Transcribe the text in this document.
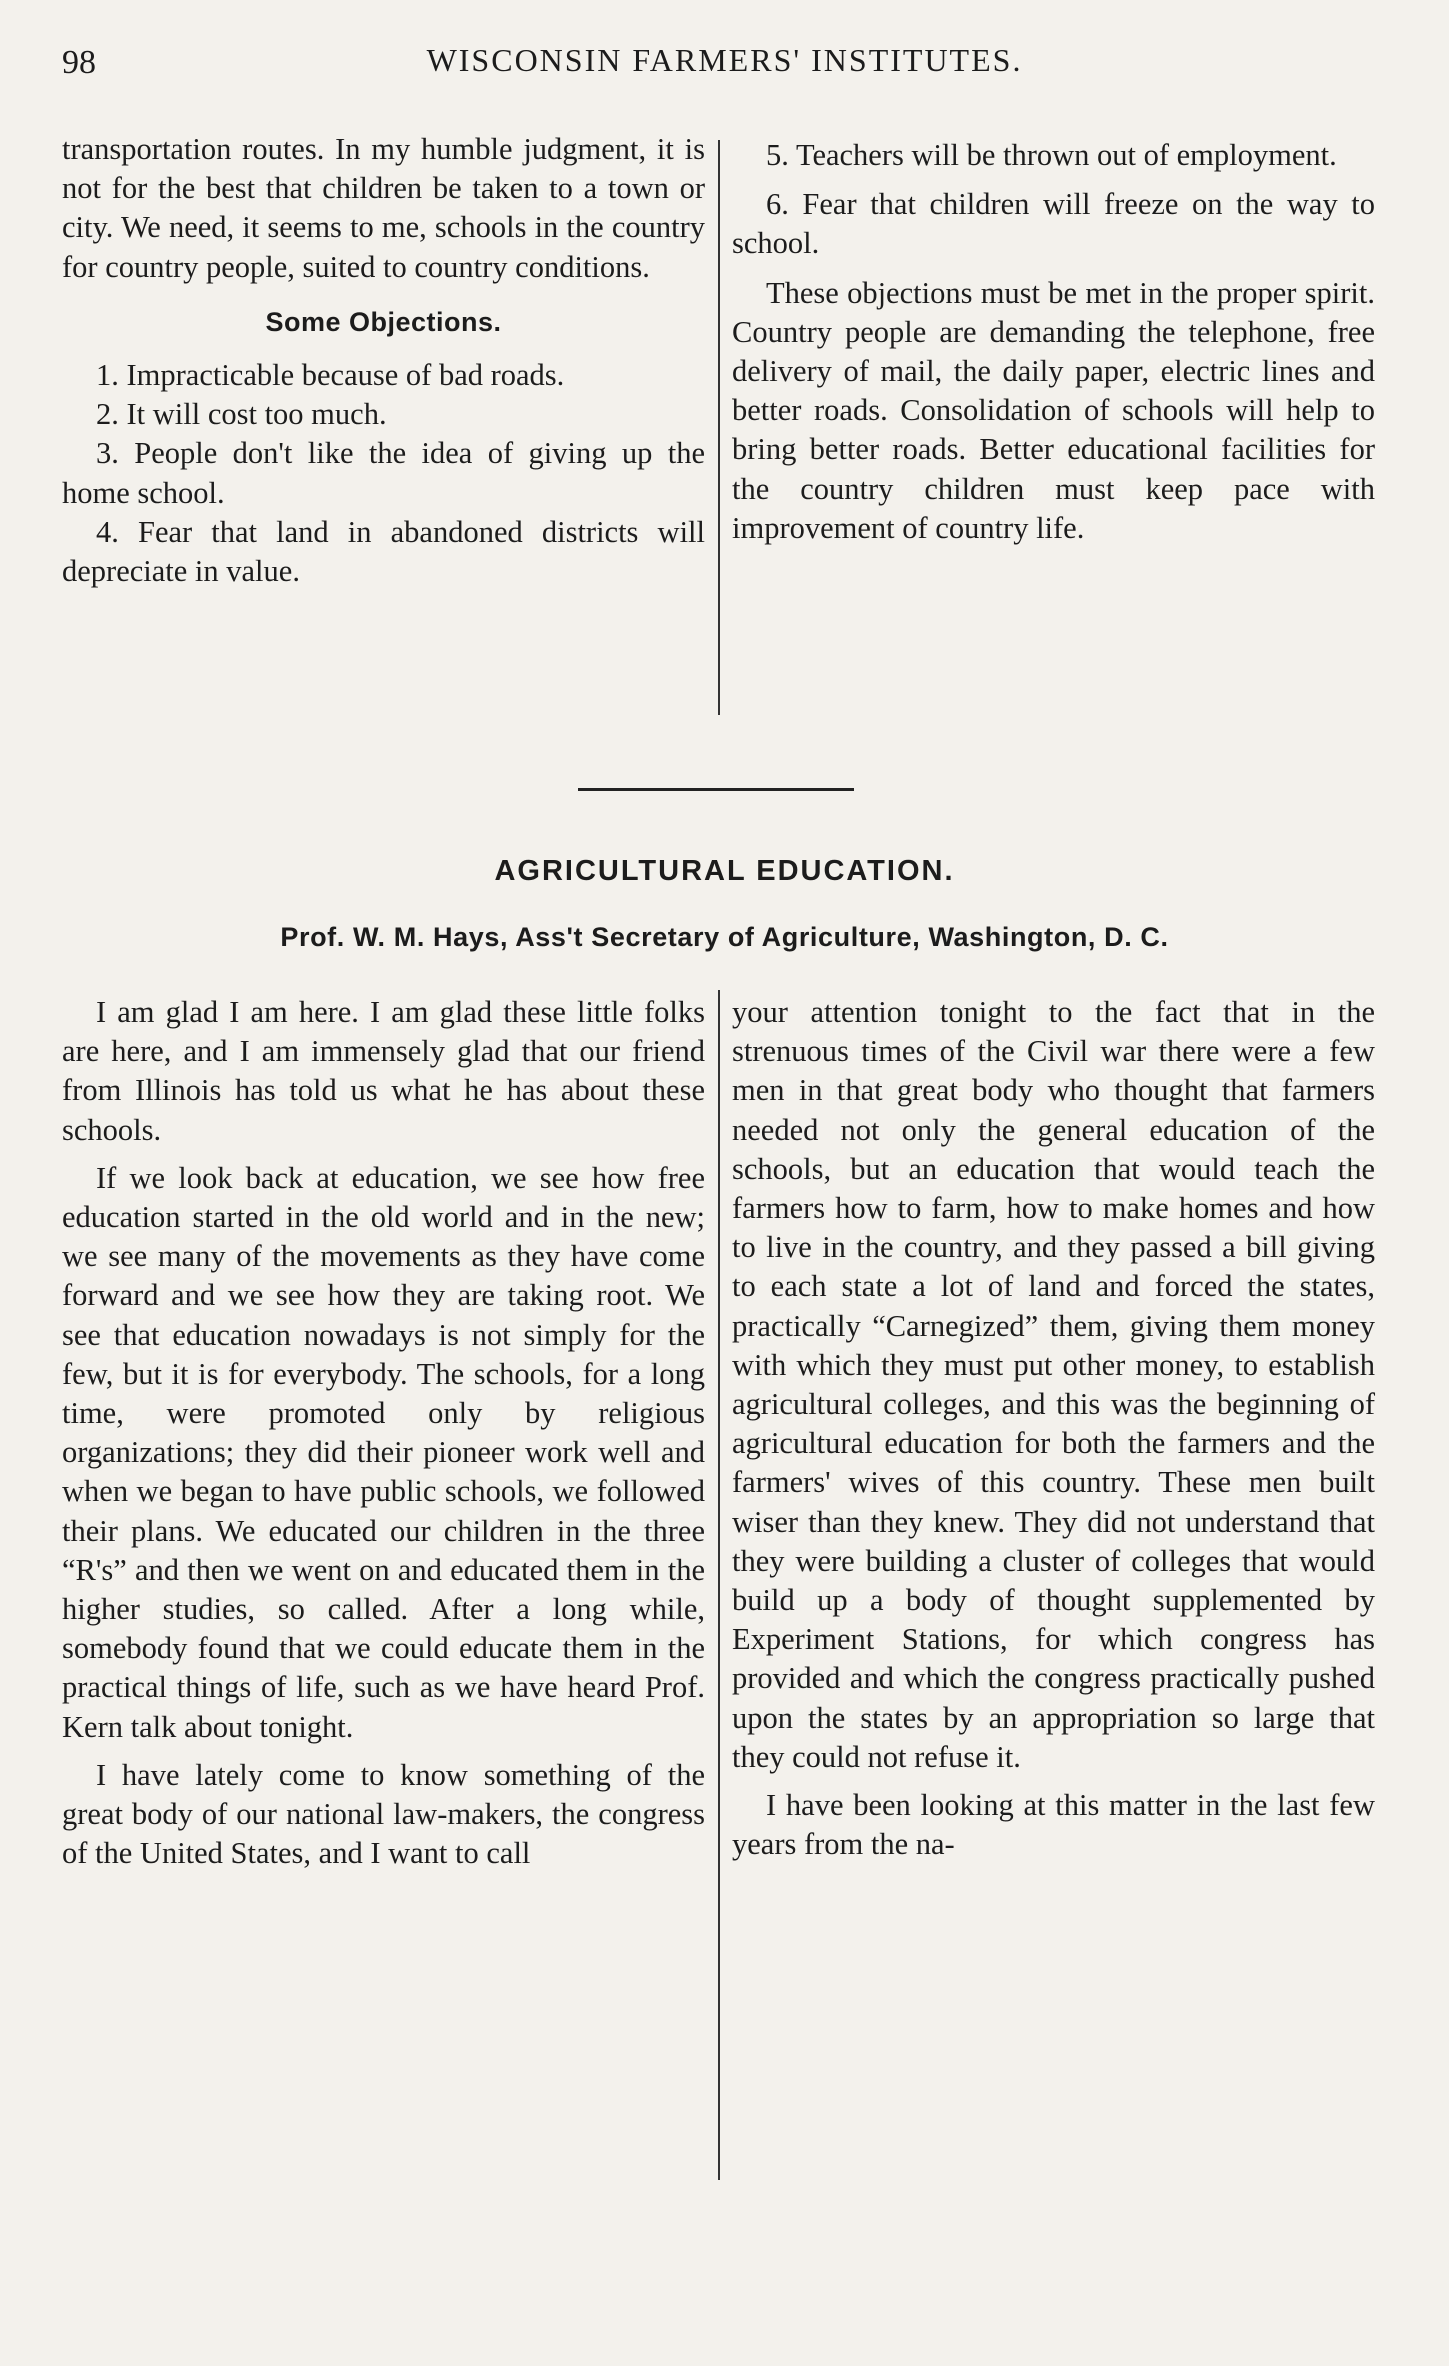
98	WISCONSIN FARMERS' INSTITUTES.

transportation routes. In my humble judgment, it is not for the best that children be taken to a town or city. We need, it seems to me, schools in the country for country people, suited to country conditions.

Some Objections.

1. Impracticable because of bad roads.

2. It will cost too much.

3. People don't like the idea of giving up the home school.

4. Fear that land in abandoned districts will depreciate in value.

5. Teachers will be thrown out of employment.

6. Fear that children will freeze on the way to school.

These objections must be met in the proper spirit. Country people are demanding the telephone, free delivery of mail, the daily paper, electric lines and better roads. Consolidation of schools will help to bring better roads. Better educational facilities for the country children must keep pace with improvement of country life.

AGRICULTURAL EDUCATION.
Prof. W. M. Hays, Ass't Secretary of Agriculture, Washington, D. C.

I am glad I am here. I am glad these little folks are here, and I am immensely glad that our friend from Illinois has told us what he has about these schools.

If we look back at education, we see how free education started in the old world and in the new; we see many of the movements as they have come forward and we see how they are taking root. We see that education nowadays is not simply for the few, but it is for everybody. The schools, for a long time, were promoted only by religious organizations; they did their pioneer work well and when we began to have public schools, we followed their plans. We educated our children in the three “R's” and then we went on and educated them in the higher studies, so called. After a long while, somebody found that we could educate them in the practical things of life, such as we have heard Prof. Kern talk about tonight.

I have lately come to know something of the great body of our national law-makers, the congress of the United States, and I want to call

your attention tonight to the fact that in the strenuous times of the Civil war there were a few men in that great body who thought that farmers needed not only the general education of the schools, but an education that would teach the farmers how to farm, how to make homes and how to live in the country, and they passed a bill giving to each state a lot of land and forced the states, practically “Carnegized” them, giving them money with which they must put other money, to establish agricultural colleges, and this was the beginning of agricultural education for both the farmers and the farmers' wives of this country. These men built wiser than they knew. They did not understand that they were building a cluster of colleges that would build up a body of thought supplemented by Experiment Stations, for which congress has provided and which the congress practically pushed upon the states by an appropriation so large that they could not refuse it.

I have been looking at this matter in the last few years from the na-
